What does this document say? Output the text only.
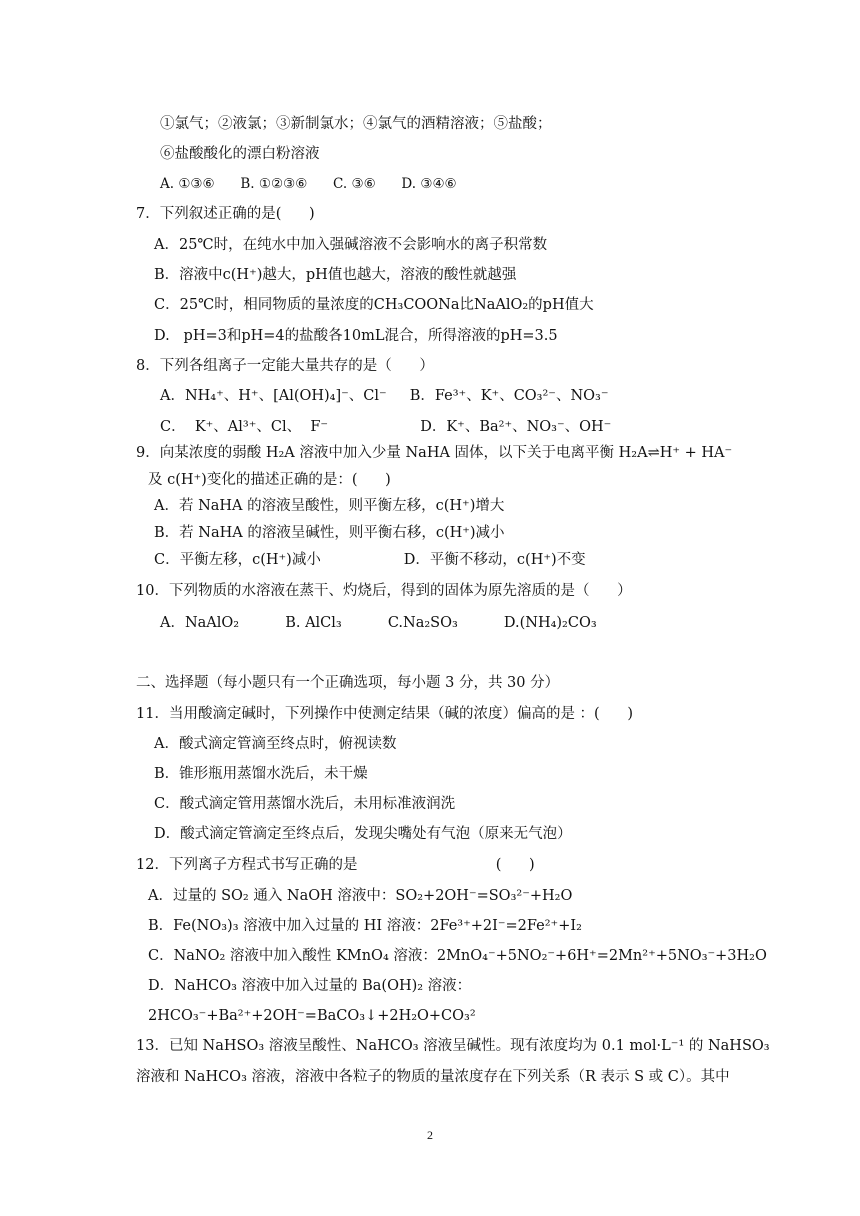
①氯气；②液氯；③新制氯水；④氯气的酒精溶液；⑤盐酸；
⑥盐酸酸化的漂白粉溶液
A. ①③⑥      B. ①②③⑥      C. ③⑥      D. ③④⑥
7．下列叙述正确的是(      )
A．25℃时，在纯水中加入强碱溶液不会影响水的离子积常数
B．溶液中c(H⁺)越大，pH值也越大，溶液的酸性就越强
C．25℃时，相同物质的量浓度的CH₃COONa比NaAlO₂的pH值大
D.   pH=3和pH=4的盐酸各10mL混合，所得溶液的pH=3.5
8．下列各组离子一定能大量共存的是（      ）
A．NH₄⁺、H⁺、[Al(OH)₄]⁻、Cl⁻     B．Fe³⁺、K⁺、CO₃²⁻、NO₃⁻
C．  K⁺、Al³⁺、Cl、  F⁻                    D．K⁺、Ba²⁺、NO₃⁻、OH⁻
9．向某浓度的弱酸 H₂A 溶液中加入少量 NaHA 固体，以下关于电离平衡 H₂A⇌H⁺ + HA⁻
及 c(H⁺)变化的描述正确的是：(      )
A．若 NaHA 的溶液呈酸性，则平衡左移，c(H⁺)增大
B．若 NaHA 的溶液呈碱性，则平衡右移，c(H⁺)减小
C．平衡左移，c(H⁺)减小                  D．平衡不移动，c(H⁺)不变
10．下列物质的水溶液在蒸干、灼烧后，得到的固体为原先溶质的是（      ）
A．NaAlO₂          B. AlCl₃          C.Na₂SO₃          D.(NH₄)₂CO₃
二、选择题（每小题只有一个正确选项，每小题 3 分，共 30 分）
11．当用酸滴定碱时，下列操作中使测定结果（碱的浓度）偏高的是 ：(      )
A．酸式滴定管滴至终点时，俯视读数
B．锥形瓶用蒸馏水洗后，未干燥
C．酸式滴定管用蒸馏水洗后，未用标准液润洗
D．酸式滴定管滴定至终点后，发现尖嘴处有气泡（原来无气泡）
12．下列离子方程式书写正确的是                              (      )
A．过量的 SO₂ 通入 NaOH 溶液中：SO₂+2OH⁻=SO₃²⁻+H₂O
B．Fe(NO₃)₃ 溶液中加入过量的 HI 溶液：2Fe³⁺+2I⁻=2Fe²⁺+I₂
C．NaNO₂ 溶液中加入酸性 KMnO₄ 溶液：2MnO₄⁻+5NO₂⁻+6H⁺=2Mn²⁺+5NO₃⁻+3H₂O
D．NaHCO₃ 溶液中加入过量的 Ba(OH)₂ 溶液：
2HCO₃⁻+Ba²⁺+2OH⁻=BaCO₃↓+2H₂O+CO₃²
13．已知 NaHSO₃ 溶液呈酸性、NaHCO₃ 溶液呈碱性。现有浓度均为 0.1 mol·L⁻¹ 的 NaHSO₃
溶液和 NaHCO₃ 溶液，溶液中各粒子的物质的量浓度存在下列关系（R 表示 S 或 C）。其中
2
